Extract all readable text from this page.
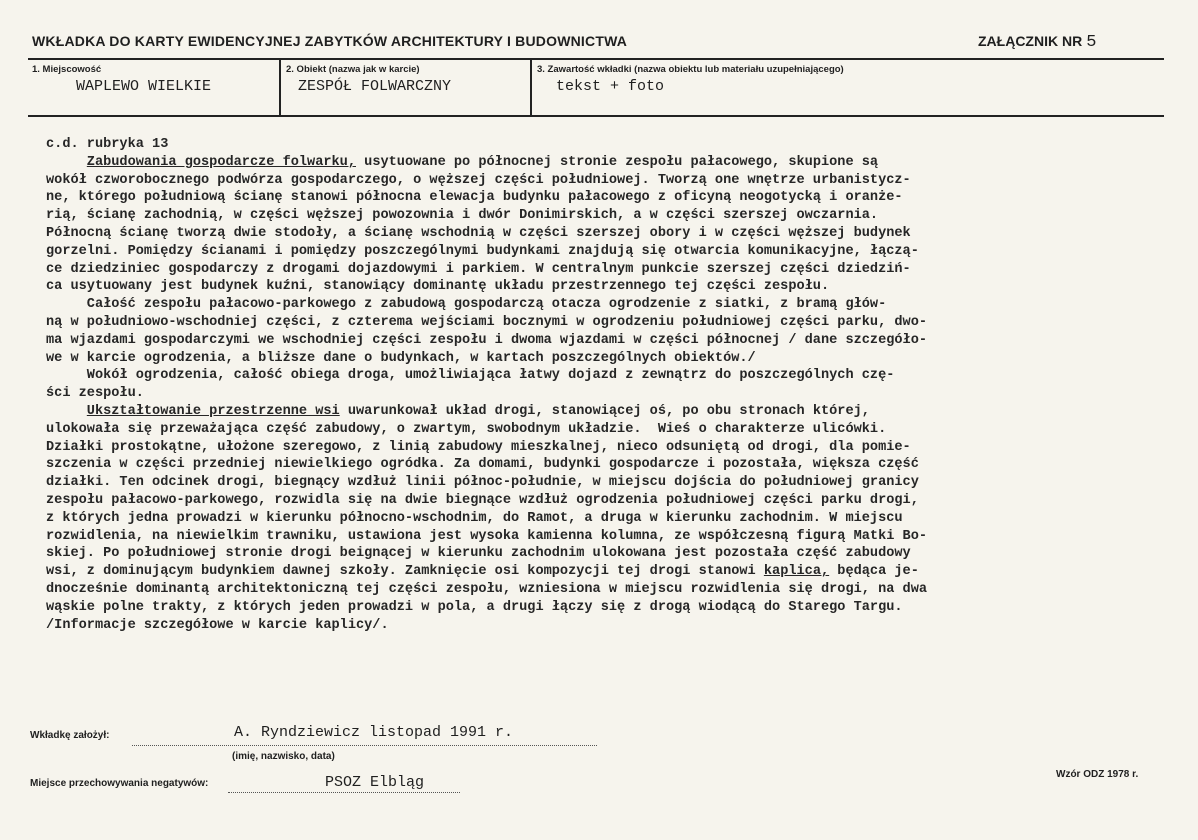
WKŁADKA DO KARTY EWIDENCYJNEJ ZABYTKÓW ARCHITEKTURY I BUDOWNICTWA	ZAŁĄCZNIK NR 5
1. Miejscowość
WAPLEWO WIELKIE
2. Obiekt (nazwa jak w karcie)
ZESPÓŁ FOLWARCZNY
3. Zawartość wkładki (nazwa obiektu lub materiału uzupełniającego)
tekst + foto
c.d. rubryka 13
Zabudowania gospodarcze folwarku, usytuowane po północnej stronie zespołu pałacowego, skupione są
wokół czworobocznego podwórza gospodarczego, o węższej części południowej. Tworzą one wnętrze urbanistycz-
ne, którego południową ścianę stanowi północna elewacja budynku pałacowego z oficyną neogotycką i oranże-
rią, ścianę zachodnią, w części węższej powozownia i dwór Donimirskich, a w części szerszej owczarnia.
Północną ścianę tworzą dwie stodoły, a ścianę wschodnią w części szerszej obory i w części węższej budynek
gorzelni. Pomiędzy ścianami i pomiędzy poszczególnymi budynkami znajdują się otwarcia komunikacyjne, łączą-
ce dziedziniec gospodarczy z drogami dojazdowymi i parkiem. W centralnym punkcie szerszej części dziedziń-
ca usytuowany jest budynek kuźni, stanowiący dominantę układu przestrzennego tej części zespołu.
Całość zespołu pałacowo-parkowego z zabudową gospodarczą otacza ogrodzenie z siatki, z bramą głów-
ną w południowo-wschodniej części, z czterema wejściami bocznymi w ogrodzeniu południowej części parku, dwo-
ma wjazdami gospodarczymi we wschodniej części zespołu i dwoma wjazdami w części północnej / dane szczegóło-
we w karcie ogrodzenia, a bliższe dane o budynkach, w kartach poszczególnych obiektów./
Wokół ogrodzenia, całość obiega droga, umożliwiająca łatwy dojazd z zewnątrz do poszczególnych czę-
ści zespołu.
Ukształtowanie przestrzenne wsi uwarunkował układ drogi, stanowiącej oś, po obu stronach której,
ulokowała się przeważająca część zabudowy, o zwartym, swobodnym układzie.  Wieś o charakterze ulicówki.
Działki prostokątne, ułożone szeregowo, z linią zabudowy mieszkalnej, nieco odsuniętą od drogi, dla pomie-
szczenia w części przedniej niewielkiego ogródka. Za domami, budynki gospodarcze i pozostała, większa część
działki. Ten odcinek drogi, biegnący wzdłuż linii północ-południe, w miejscu dojścia do południowej granicy
zespołu pałacowo-parkowego, rozwidla się na dwie biegnące wzdłuż ogrodzenia południowej części parku drogi,
z których jedna prowadzi w kierunku północno-wschodnim, do Ramot, a druga w kierunku zachodnim. W miejscu
rozwidlenia, na niewielkim trawniku, ustawiona jest wysoka kamienna kolumna, ze współczesną figurą Matki Bo-
skiej. Po południowej stronie drogi beignącej w kierunku zachodnim ulokowana jest pozostała część zabudowy
wsi, z dominującym budynkiem dawnej szkoły. Zamknięcie osi kompozycji tej drogi stanowi kaplica, będąca je-
dnocześnie dominantą architektoniczną tej części zespołu, wzniesiona w miejscu rozwidlenia się drogi, na dwa
wąskie polne trakty, z których jeden prowadzi w pola, a drugi łączy się z drogą wiodącą do Starego Targu.
/Informacje szczegółowe w karcie kaplicy/.
Wkładkę założył:	A. Ryndziewicz listopad 1991 r.
(imię, nazwisko, data)
Miejsce przechowywania negatywów:	PSOZ Elbląg	Wzór ODZ 1978 r.
